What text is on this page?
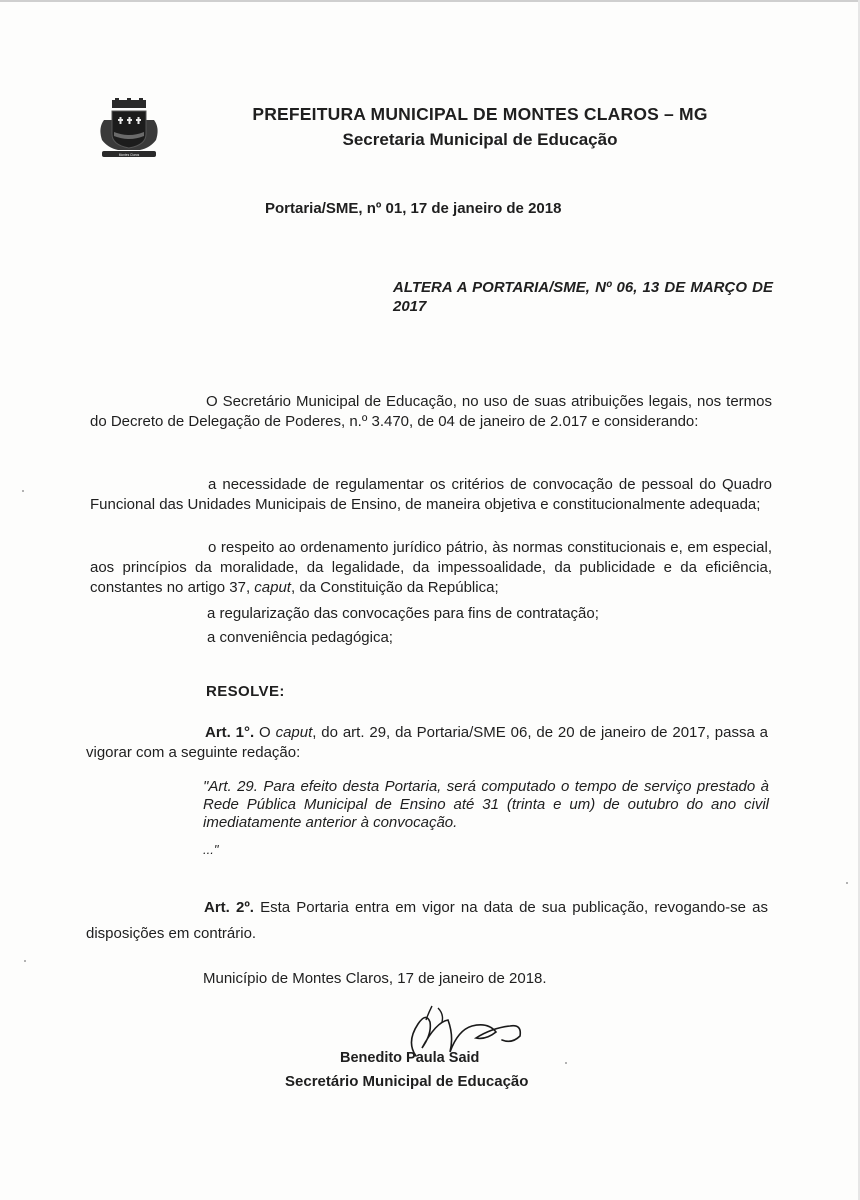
Montes Claros
PREFEITURA MUNICIPAL DE MONTES CLAROS – MG
Secretaria Municipal de Educação
Portaria/SME, nº 01, 17 de janeiro de 2018
ALTERA A PORTARIA/SME, Nº 06, 13 DE MARÇO DE 2017
O Secretário Municipal de Educação, no uso de suas atribuições legais, nos termos do Decreto de Delegação de Poderes, n.º 3.470, de 04 de janeiro de 2.017 e considerando:
a necessidade de regulamentar os critérios de convocação de pessoal do Quadro Funcional das Unidades Municipais de Ensino, de maneira objetiva e constitucionalmente adequada;
o respeito ao ordenamento jurídico pátrio, às normas constitucionais e, em especial, aos princípios da moralidade, da legalidade, da impessoalidade, da publicidade e da eficiência, constantes no artigo 37, caput, da Constituição da República;
a regularização das convocações para fins de contratação;
a conveniência pedagógica;
RESOLVE:
Art. 1°. O caput, do art. 29, da Portaria/SME 06, de 20 de janeiro de 2017, passa a vigorar com a seguinte redação:
"Art. 29. Para efeito desta Portaria, será computado o tempo de serviço prestado à Rede Pública Municipal de Ensino até 31 (trinta e um) de outubro do ano civil imediatamente anterior à convocação.
..."
Art. 2º. Esta Portaria entra em vigor na data de sua publicação, revogando-se as disposições em contrário.
Município de Montes Claros, 17 de janeiro de 2018.
Benedito Paula Said
Secretário Municipal de Educação
